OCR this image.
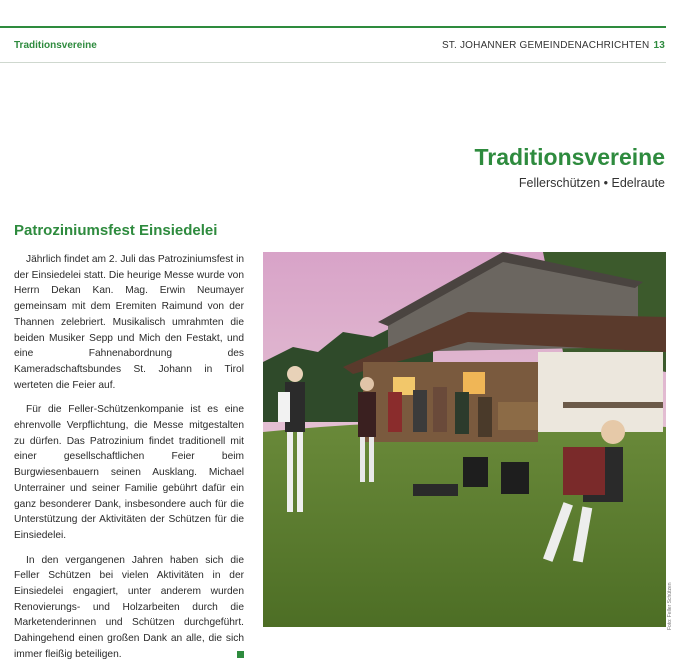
Traditionsvereine	ST. JOHANNER GEMEINDENACHRICHTEN 13
Traditionsvereine
Fellerschützen • Edelraute
Patroziniumsfest Einsiedelei

Jährlich findet am 2. Juli das Patroziniumsfest in der Einsiedelei statt. Die heurige Messe wurde von Herrn Dekan Kan. Mag. Erwin Neumayer gemeinsam mit dem Eremiten Raimund von der Thannen zelebriert. Musikalisch umrahmten die beiden Musiker Sepp und Mich den Festakt, und eine Fahnenabordnung des Kameradschaftsbundes St. Johann in Tirol werteten die Feier auf.

Für die Feller-Schützenkompanie ist es eine ehrenvolle Verpflichtung, die Messe mitgestalten zu dürfen. Das Patrozinium findet traditionell mit einer gesellschaftlichen Feier beim Burgwiesenbauern seinen Ausklang. Michael Unterrainer und seiner Familie gebührt dafür ein ganz besonderer Dank, insbesondere auch für die Unterstützung der Aktivitäten der Schützen für die Einsiedelei.

In den vergangenen Jahren haben sich die Feller Schützen bei vielen Aktivitäten in der Einsiedelei engagiert, unter anderem wurden Renovierungs- und Holzarbeiten durch die Marketenderinnen und Schützen durchgeführt. Dahingehend einen großen Dank an alle, die sich immer fleißig beteiligen.

Foto: Feller Schützen
